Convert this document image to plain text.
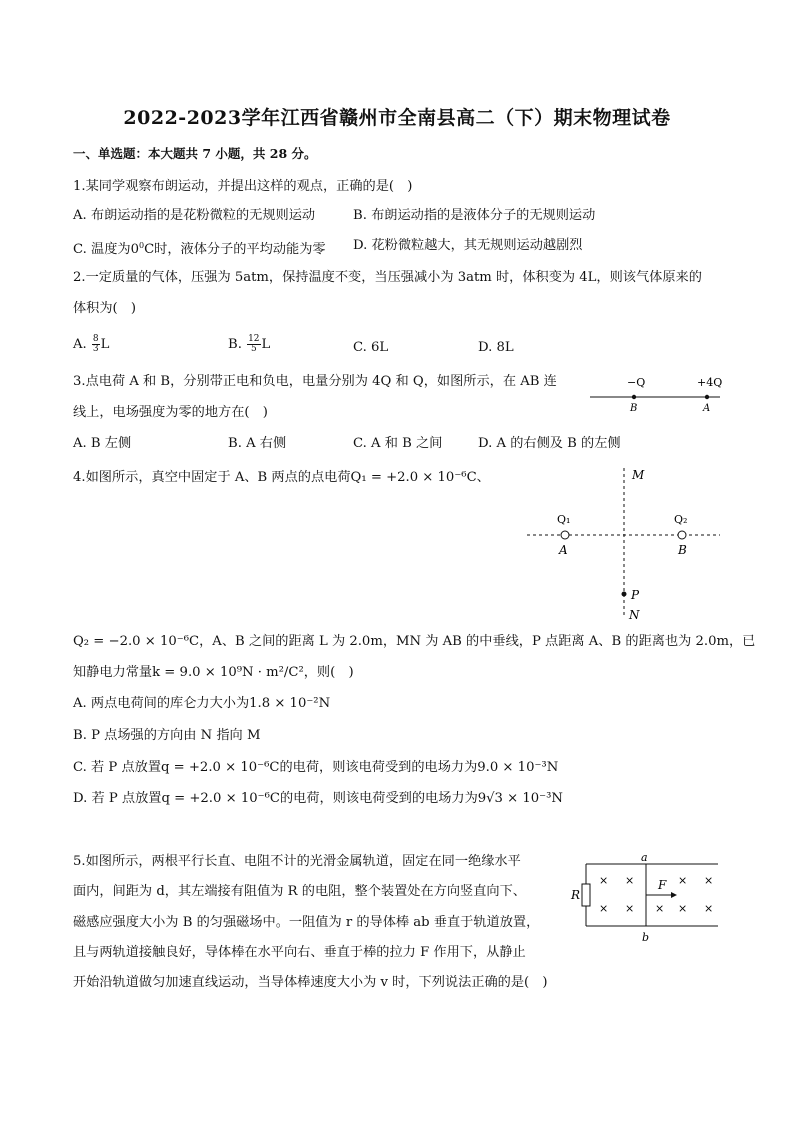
2022-2023学年江西省赣州市全南县高二（下）期末物理试卷
一、单选题：本大题共 7 小题，共 28 分。
1.某同学观察布朗运动，并提出这样的观点，正确的是(　)
A. 布朗运动指的是花粉微粒的无规则运动	B. 布朗运动指的是液体分子的无规则运动
C. 温度为$0^0C$时，液体分子的平均动能为零 D. 花粉微粒越大，其无规则运动越剧烈
2.一定质量的气体，压强为 5atm，保持温度不变，当压强减小为 3atm 时，体积变为 4L，则该气体原来的
体积为(　)
A. $\frac{8}{3}$ L	B. $\frac{12}{5}$ L	C. 6L	D. 8L
3.点电荷 A 和 B，分别带正电和负电，电量分别为 4Q 和 Q，如图所示，在 AB 连
线上，电场强度为零的地方在(　)
A. B 左侧	B. A 右侧	C. A 和 B 之间	D. A 的右侧及 B 的左侧
−Q	+4Q
B	A
4.如图所示，真空中固定于 A、B 两点的点电荷Q₁ = +2.0 × 10⁻⁶C、	M
Q₁	Q₂
A	B
P
N
Q₂ = −2.0 × 10⁻⁶C，A、B 之间的距离 L 为 2.0m，MN 为 AB 的中垂线，P 点距离 A、B 的距离也为 2.0m，已
知静电力常量k = 9.0 × 10⁹N · m²/C²，则(　)
A. 两点电荷间的库仑力大小为1.8 × 10⁻²N
B. P 点场强的方向由 N 指向 M
C. 若 P 点放置q = +2.0 × 10⁻⁶C的电荷，则该电荷受到的电场力为9.0 × 10⁻³N
D. 若 P 点放置q = +2.0 × 10⁻⁶C的电荷，则该电荷受到的电场力为9√3 × 10⁻³N
5.如图所示，两根平行长直、电阻不计的光滑金属轨道，固定在同一绝缘水平
面内，间距为 d，其左端接有阻值为 R 的电阻，整个装置处在方向竖直向下、
磁感应强度大小为 B 的匀强磁场中。一阻值为 r 的导体棒 ab 垂直于轨道放置，
且与两轨道接触良好，导体棒在水平向右、垂直于棒的拉力 F 作用下，从静止
开始沿轨道做匀加速直线运动，当导体棒速度大小为 v 时，下列说法正确的是(　)
R
a
b
F
× ×	× ×
× × × × ×
